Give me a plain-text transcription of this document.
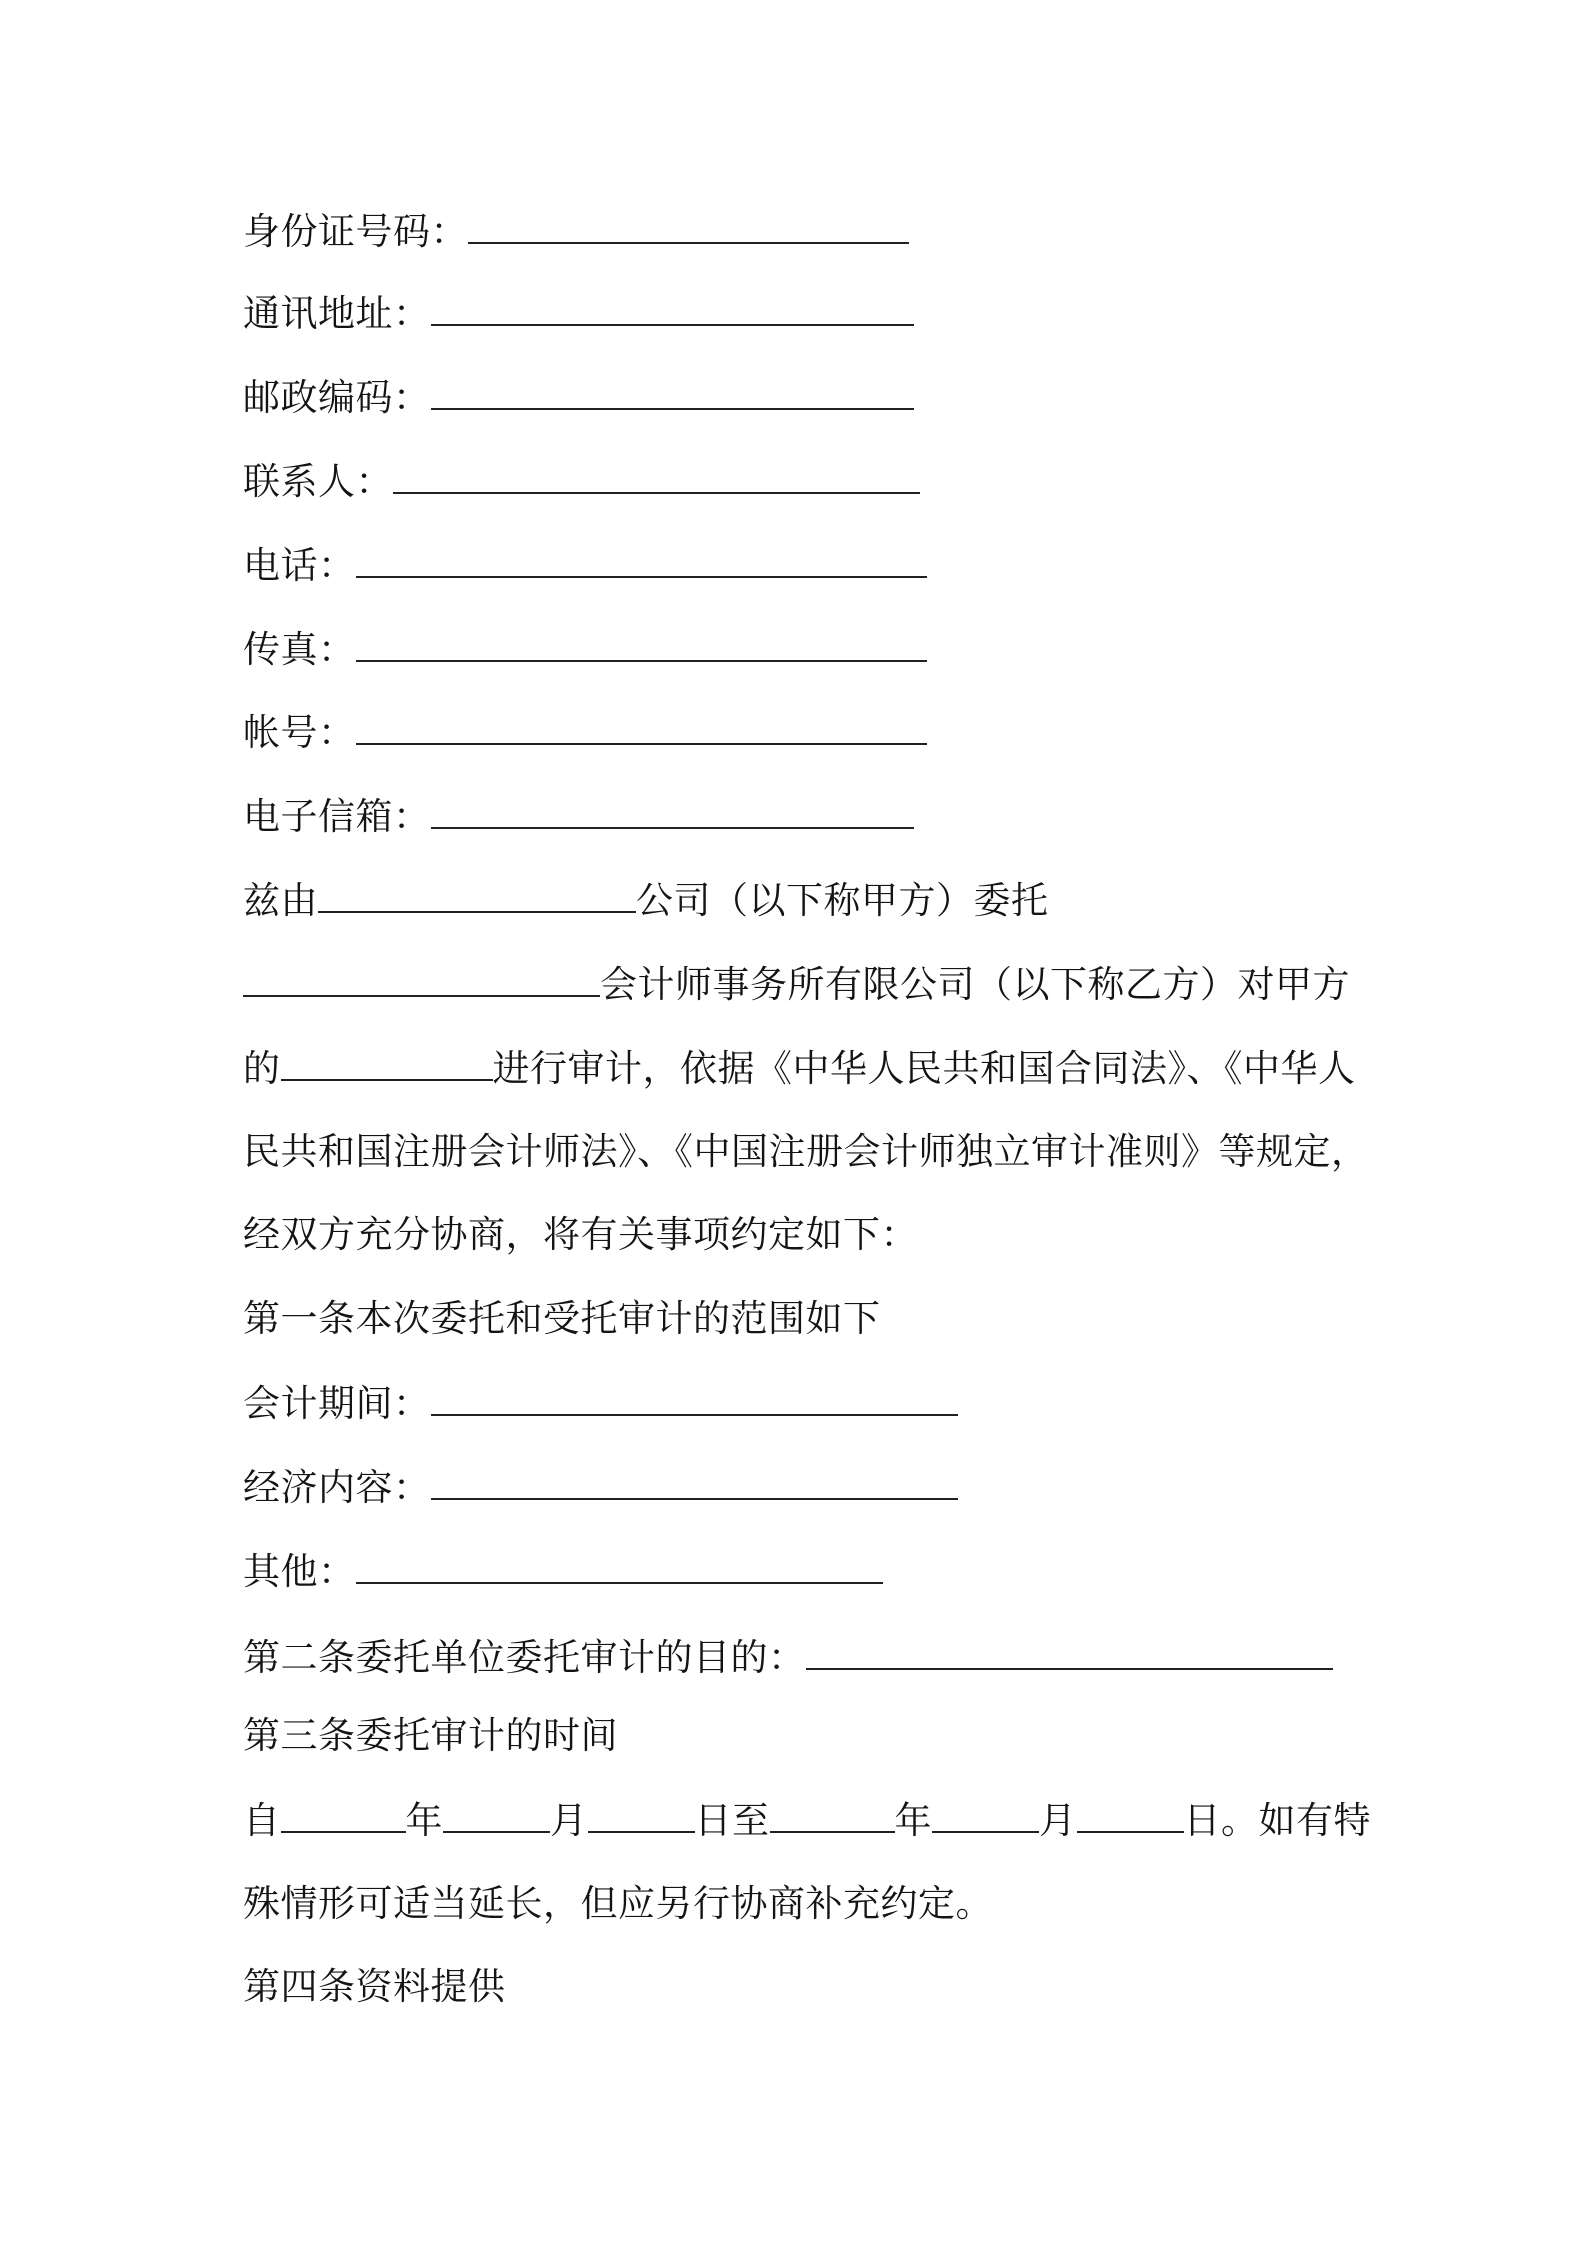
身份证号码：
通讯地址：
邮政编码：
联系人：
电话：
传真：
帐号：
电子信箱：
兹由	公司（以下称甲方）委托
会计师事务所有限公司（以下称乙方）对甲方
的	进行审计，依据《中华人民共和国合同法》、《中华人
民共和国注册会计师法》、《中国注册会计师独立审计准则》等规定，
经双方充分协商，将有关事项约定如下：
第一条本次委托和受托审计的范围如下
会计期间：
经济内容：
其他：
第二条委托单位委托审计的目的：
第三条委托审计的时间
自	年	月	日至	年	月	日。如有特
殊情形可适当延长，但应另行协商补充约定。
第四条资料提供
